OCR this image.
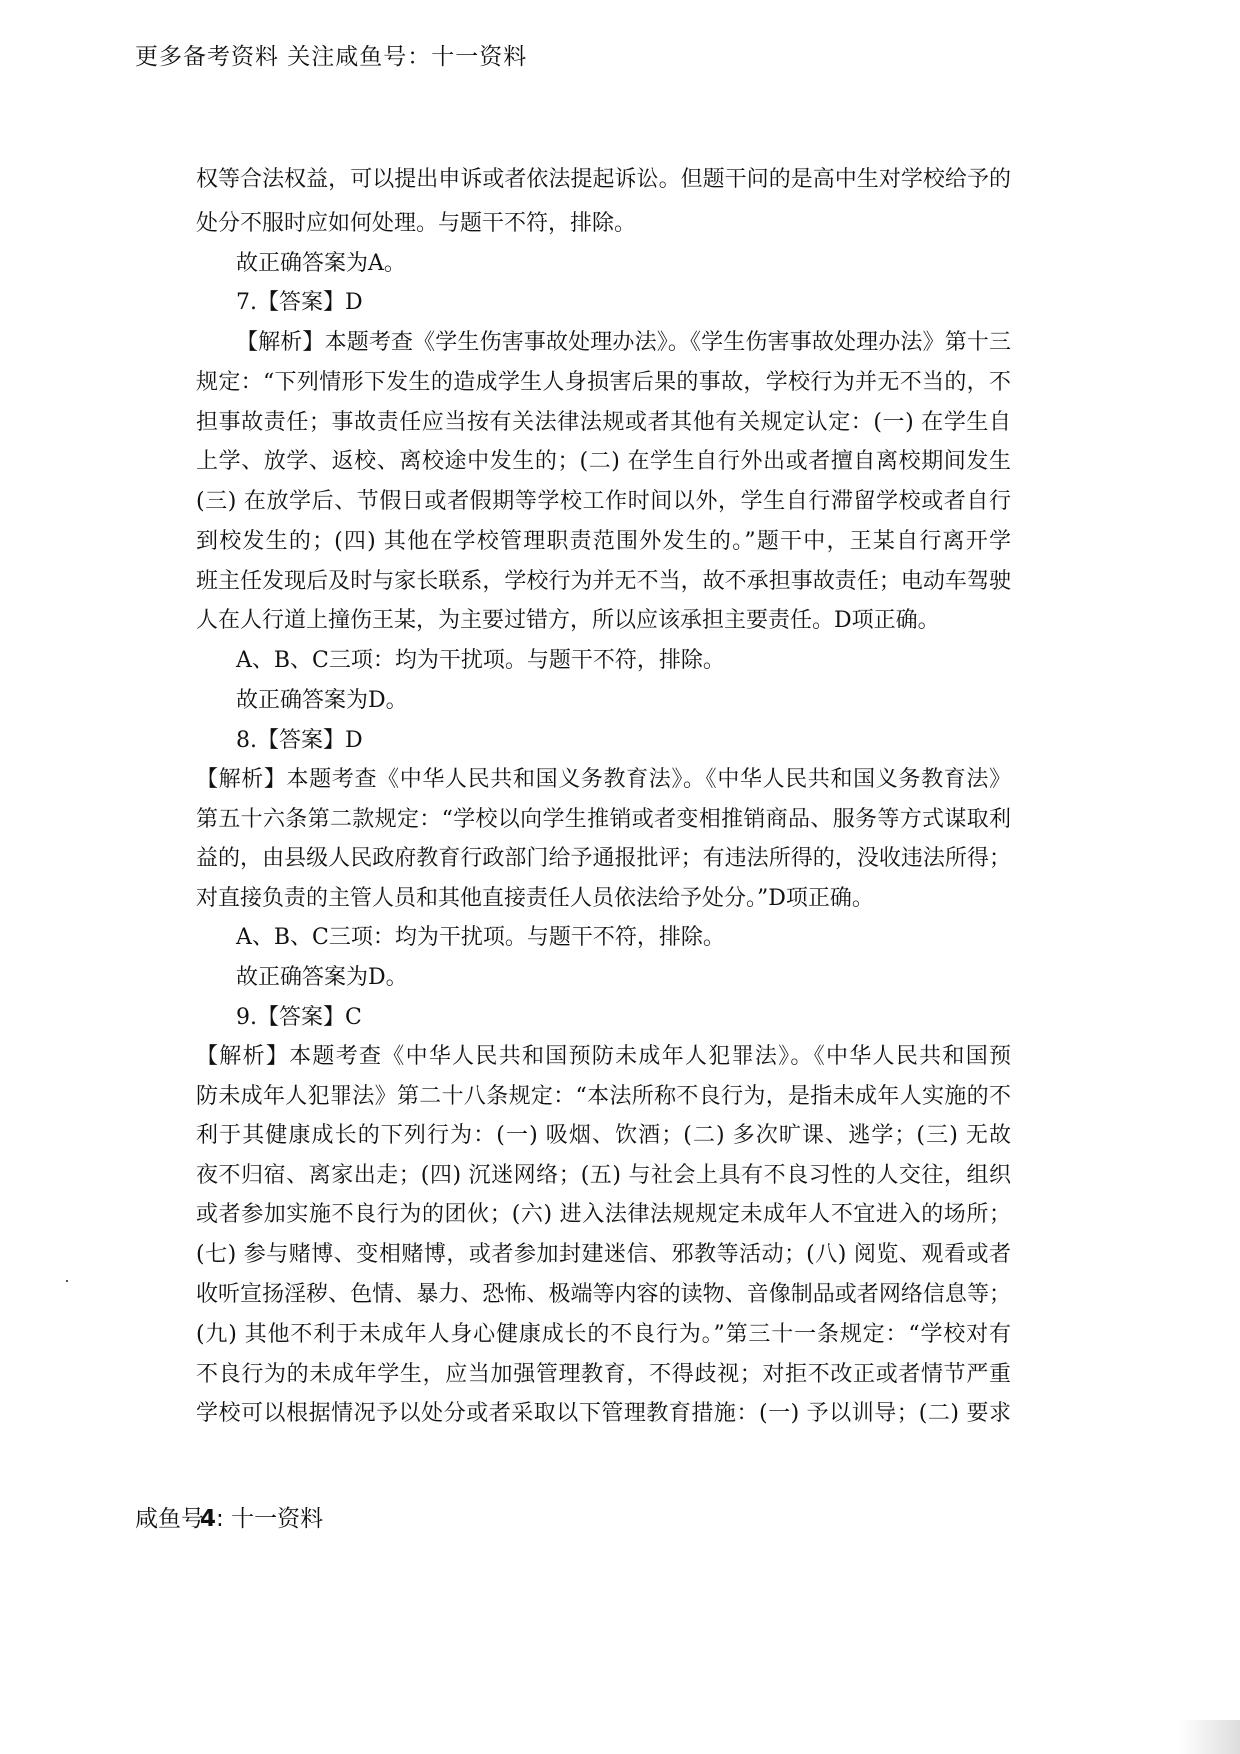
更多备考资料 关注咸鱼号：十一资料
权等合法权益，可以提出申诉或者依法提起诉讼。但题干问的是高中生对学校给予的
处分不服时应如何处理。与题干不符，排除。
故正确答案为A。
7.【答案】D
【解析】本题考查《学生伤害事故处理办法》。《学生伤害事故处理办法》第十三
规定：“下列情形下发生的造成学生人身损害后果的事故，学校行为并无不当的，不
担事故责任；事故责任应当按有关法律法规或者其他有关规定认定：(一) 在学生自
上学、放学、返校、离校途中发生的；(二) 在学生自行外出或者擅自离校期间发生
(三) 在放学后、节假日或者假期等学校工作时间以外，学生自行滞留学校或者自行
到校发生的；(四) 其他在学校管理职责范围外发生的。”题干中，王某自行离开学
班主任发现后及时与家长联系，学校行为并无不当，故不承担事故责任；电动车驾驶
人在人行道上撞伤王某，为主要过错方，所以应该承担主要责任。D项正确。
A、B、C三项：均为干扰项。与题干不符，排除。
故正确答案为D。
8.【答案】D
【解析】本题考查《中华人民共和国义务教育法》。《中华人民共和国义务教育法》
第五十六条第二款规定：“学校以向学生推销或者变相推销商品、服务等方式谋取利
益的，由县级人民政府教育行政部门给予通报批评；有违法所得的，没收违法所得；
对直接负责的主管人员和其他直接责任人员依法给予处分。”D项正确。
A、B、C三项：均为干扰项。与题干不符，排除。
故正确答案为D。
9.【答案】C
【解析】本题考查《中华人民共和国预防未成年人犯罪法》。《中华人民共和国预
防未成年人犯罪法》第二十八条规定：“本法所称不良行为，是指未成年人实施的不
利于其健康成长的下列行为：(一) 吸烟、饮酒；(二) 多次旷课、逃学；(三) 无故
夜不归宿、离家出走；(四) 沉迷网络；(五) 与社会上具有不良习性的人交往，组织
或者参加实施不良行为的团伙；(六) 进入法律法规规定未成年人不宜进入的场所；
(七) 参与赌博、变相赌博，或者参加封建迷信、邪教等活动；(八) 阅览、观看或者
收听宣扬淫秽、色情、暴力、恐怖、极端等内容的读物、音像制品或者网络信息等；
(九) 其他不利于未成年人身心健康成长的不良行为。”第三十一条规定：“学校对有
不良行为的未成年学生，应当加强管理教育，不得歧视；对拒不改正或者情节严重
学校可以根据情况予以处分或者采取以下管理教育措施：(一) 予以训导；(二) 要求
咸鱼号4: 十一资料
